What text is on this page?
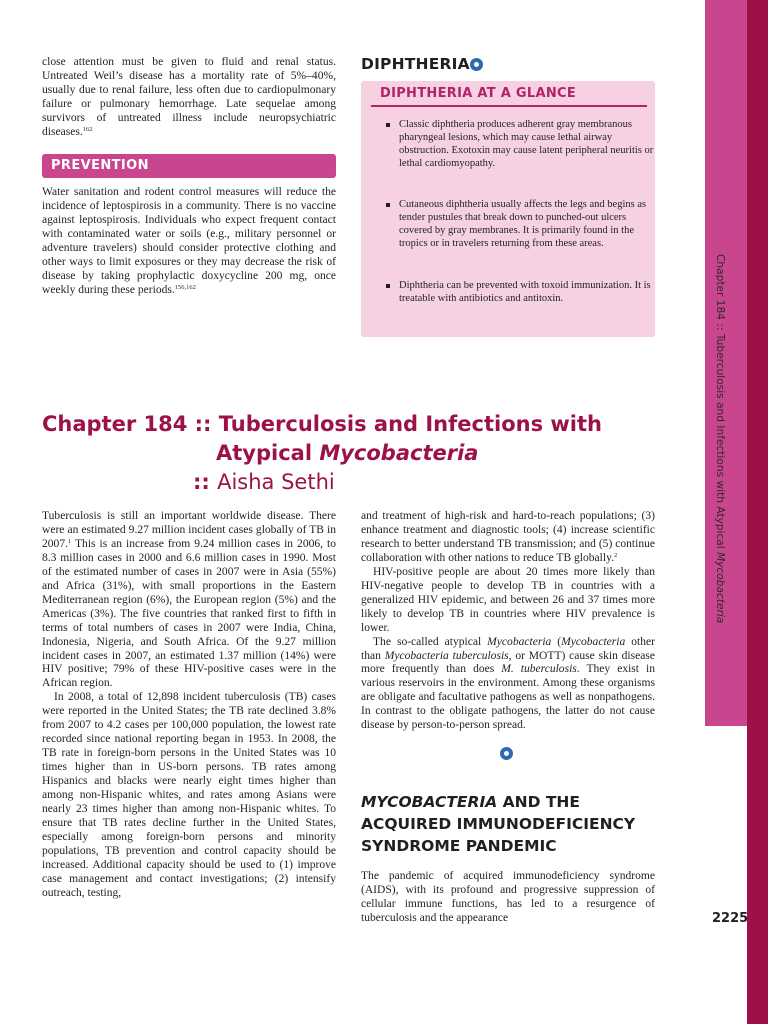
Chapter 184 :: Tuberculosis and Infections with Atypical Mycobacteria

close attention must be given to fluid and renal status. Untreated Weil’s disease has a mortality rate of 5%–40%, usually due to renal failure, less often due to cardiopulmonary failure or pulmonary hemorrhage. Late sequelae among survivors of untreated illness include neuropsychiatric diseases.$^{162}$

PREVENTION

Water sanitation and rodent control measures will reduce the incidence of leptospirosis in a community. There is no vaccine against leptospirosis. Individuals who expect frequent contact with contaminated water or soils (e.g., military personnel or adventure travelers) should consider protective clothing and other ways to limit exposures or they may decrease the risk of disease by taking prophylactic doxycycline 200 mg, once weekly during these periods.$^{156,162}$

DIPHTHERIA
DIPHTHERIA AT A GLANCE
Classic diphtheria produces adherent gray membranous pharyngeal lesions, which may cause lethal airway obstruction. Exotoxin may cause latent peripheral neuritis or lethal cardiomyopathy.
Cutaneous diphtheria usually affects the legs and begins as tender pustules that break down to punched-out ulcers covered by gray membranes. It is primarily found in the tropics or in travelers returning from these areas.
Diphtheria can be prevented with toxoid immunization. It is treatable with antibiotics and antitoxin.
Chapter 184 :: Tuberculosis and Infections with
Atypical Mycobacteria
:: Aisha Sethi

Tuberculosis is still an important worldwide disease. There were an estimated 9.27 million incident cases globally of TB in 2007.$^1$ This is an increase from 9.24 million cases in 2006, to 8.3 million cases in 2000 and 6.6 million cases in 1990. Most of the estimated number of cases in 2007 were in Asia (55%) and Africa (31%), with small proportions in the Eastern Mediterranean region (6%), the European region (5%) and the Americas (3%). The five countries that ranked first to fifth in terms of total numbers of cases in 2007 were India, China, Indonesia, Nigeria, and South Africa. Of the 9.27 million incident cases in 2007, an estimated 1.37 million (14%) were HIV positive; 79% of these HIV-positive cases were in the African region.

In 2008, a total of 12,898 incident tuberculosis (TB) cases were reported in the United States; the TB rate declined 3.8% from 2007 to 4.2 cases per 100,000 population, the lowest rate recorded since national reporting began in 1953. In 2008, the TB rate in foreign-born persons in the United States was 10 times higher than in US-born persons. TB rates among Hispanics and blacks were nearly eight times higher than among non-Hispanic whites, and rates among Asians were nearly 23 times higher than among non-Hispanic whites. To ensure that TB rates decline further in the United States, especially among foreign-born persons and minority populations, TB prevention and control capacity should be increased. Additional capacity should be used to (1) improve case management and contact investigations; (2) intensify outreach, testing,

and treatment of high-risk and hard-to-reach populations; (3) enhance treatment and diagnostic tools; (4) increase scientific research to better understand TB transmission; and (5) continue collaboration with other nations to reduce TB globally.$^2$

HIV-positive people are about 20 times more likely than HIV-negative people to develop TB in countries with a generalized HIV epidemic, and between 26 and 37 times more likely to develop TB in countries where HIV prevalence is lower.

The so-called atypical Mycobacteria (Mycobacteria other than Mycobacteria tuberculosis, or MOTT) cause skin disease more frequently than does M. tuberculosis. They exist in various reservoirs in the environment. Among these organisms are obligate and facultative pathogens as well as nonpathogens. In contrast to the obligate pathogens, the latter do not cause disease by person-to-person spread.

MYCOBACTERIA AND THE ACQUIRED IMMUNODEFICIENCY SYNDROME PANDEMIC

The pandemic of acquired immunodeficiency syndrome (AIDS), with its profound and progressive suppression of cellular immune functions, has led to a resurgence of tuberculosis and the appearance	2225
